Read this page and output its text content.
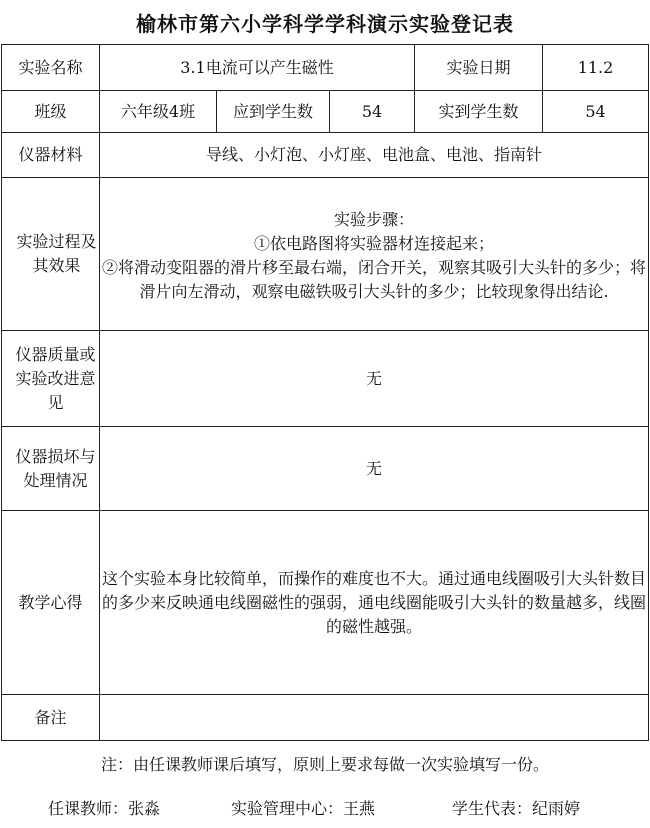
榆林市第六小学科学学科演示实验登记表
实验名称	3.1电流可以产生磁性			实验日期	11.2
班级	六年级4班	应到学生数	54	实到学生数	54
仪器材料	导线、小灯泡、小灯座、电池盒、电池、指南针				
实验过程及其效果	实验步骤：
①依电路图将实验器材连接起来；
②将滑动变阻器的滑片移至最右端，闭合开关，观察其吸引大头针的多少；将滑片向左滑动，观察电磁铁吸引大头针的多少；比较现象得出结论.				

仪器质量或实验改进意见	无				
仪器损坏与处理情况	无				
教学心得	这个实验本身比较简单，而操作的难度也不大。通过通电线圈吸引大头针数目的多少来反映通电线圈磁性的强弱，通电线圈能吸引大头针的数量越多，线圈的磁性越强。				
备注					
注：由任课教师课后填写，原则上要求每做一次实验填写一份。
任课教师：张淼	实验管理中心：王燕	学生代表：纪雨婷
